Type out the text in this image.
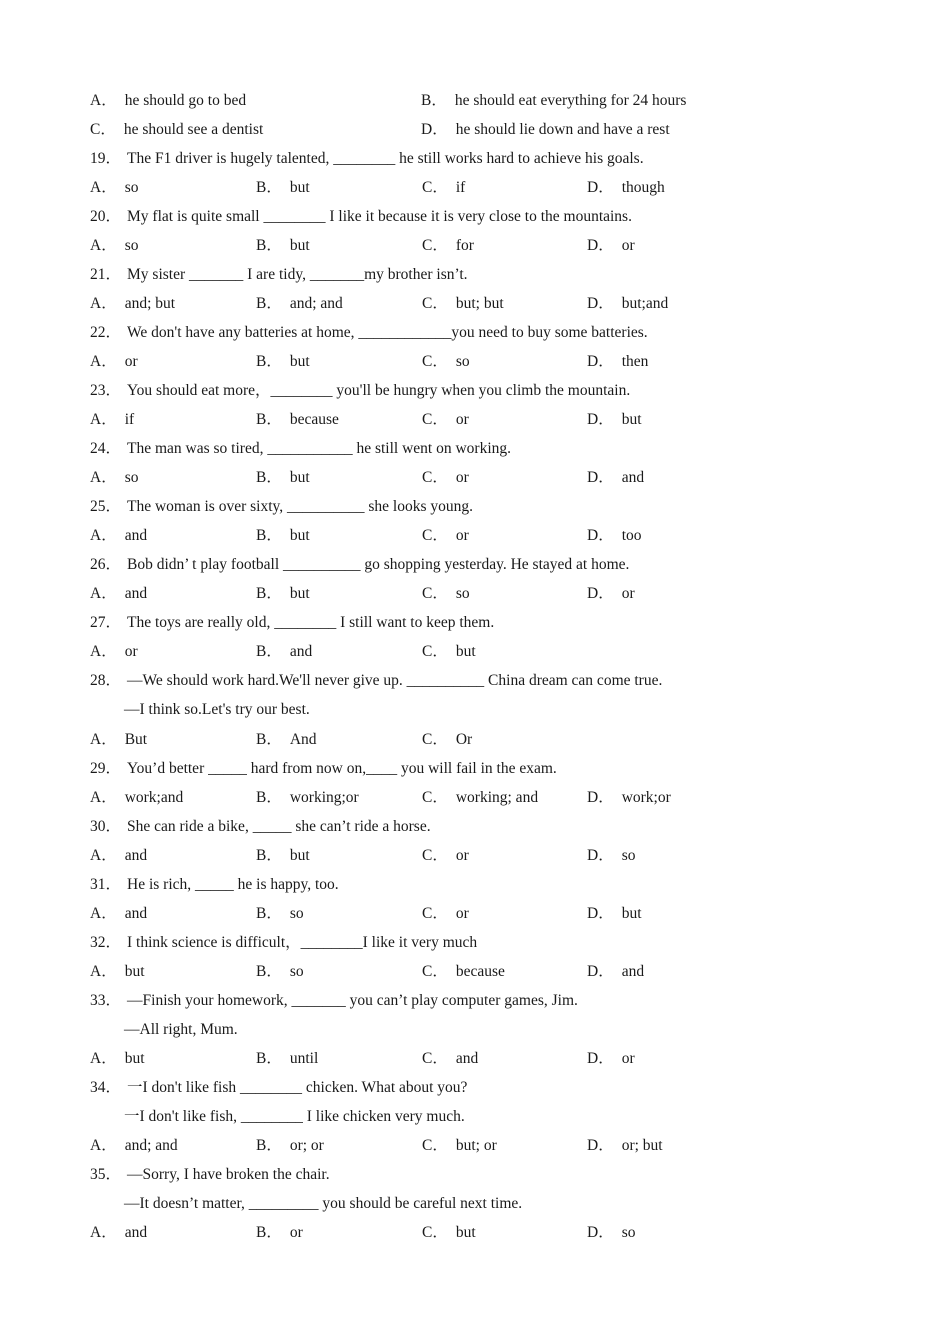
A． he should go to bed	B． he should eat everything for 24 hours
C． he should see a dentist	D． he should lie down and have a rest
19． The F1 driver is hugely talented, ________ he still works hard to achieve his goals.
A． so	B． but	C． if	D． though
20． My flat is quite small ________ I like it because it is very close to the mountains.
A． so	B． but	C． for	D． or
21． My sister _______ I are tidy, _______my brother isn’t.
A． and; but	B． and; and	C． but; but	D． but;and
22． We don't have any batteries at home, ____________you need to buy some batteries.
A． or	B． but	C． so	D． then
23． You should eat more，________ you'll be hungry when you climb the mountain.
A． if	B． because	C． or	D． but
24． The man was so tired, ___________ he still went on working.
A． so	B． but	C． or	D． and
25． The woman is over sixty, __________ she looks young.
A． and	B． but	C． or	D． too
26． Bob didn’ t play football __________ go shopping yesterday. He stayed at home.
A． and	B． but	C． so	D． or
27． The toys are really old, ________ I still want to keep them.
A． or	B． and	C． but
28． —We should work hard.We'll never give up. __________ China dream can come true.
—I think so.Let's try our best.
A． But	B． And	C． Or
29． You’d better _____ hard from now on,____ you will fail in the exam.
A． work;and	B． working;or	C． working; and	D． work;or
30． She can ride a bike, _____ she can’t ride a horse.
A． and	B． but	C． or	D． so
31． He is rich, _____ he is happy, too.
A． and	B． so	C． or	D． but
32． I think science is difficult，________I like it very much
A． but	B． so	C． because	D． and
33． —Finish your homework, _______ you can’t play computer games, Jim.
—All right, Mum.
A． but	B． until	C． and	D． or
34． 一I don't like fish ________ chicken. What about you?
一I don't like fish, ________ I like chicken very much.
A． and; and	B． or; or	C． but; or	D． or; but
35． —Sorry, I have broken the chair.
—It doesn’t matter, _________ you should be careful next time.
A． and	B． or	C． but	D． so
